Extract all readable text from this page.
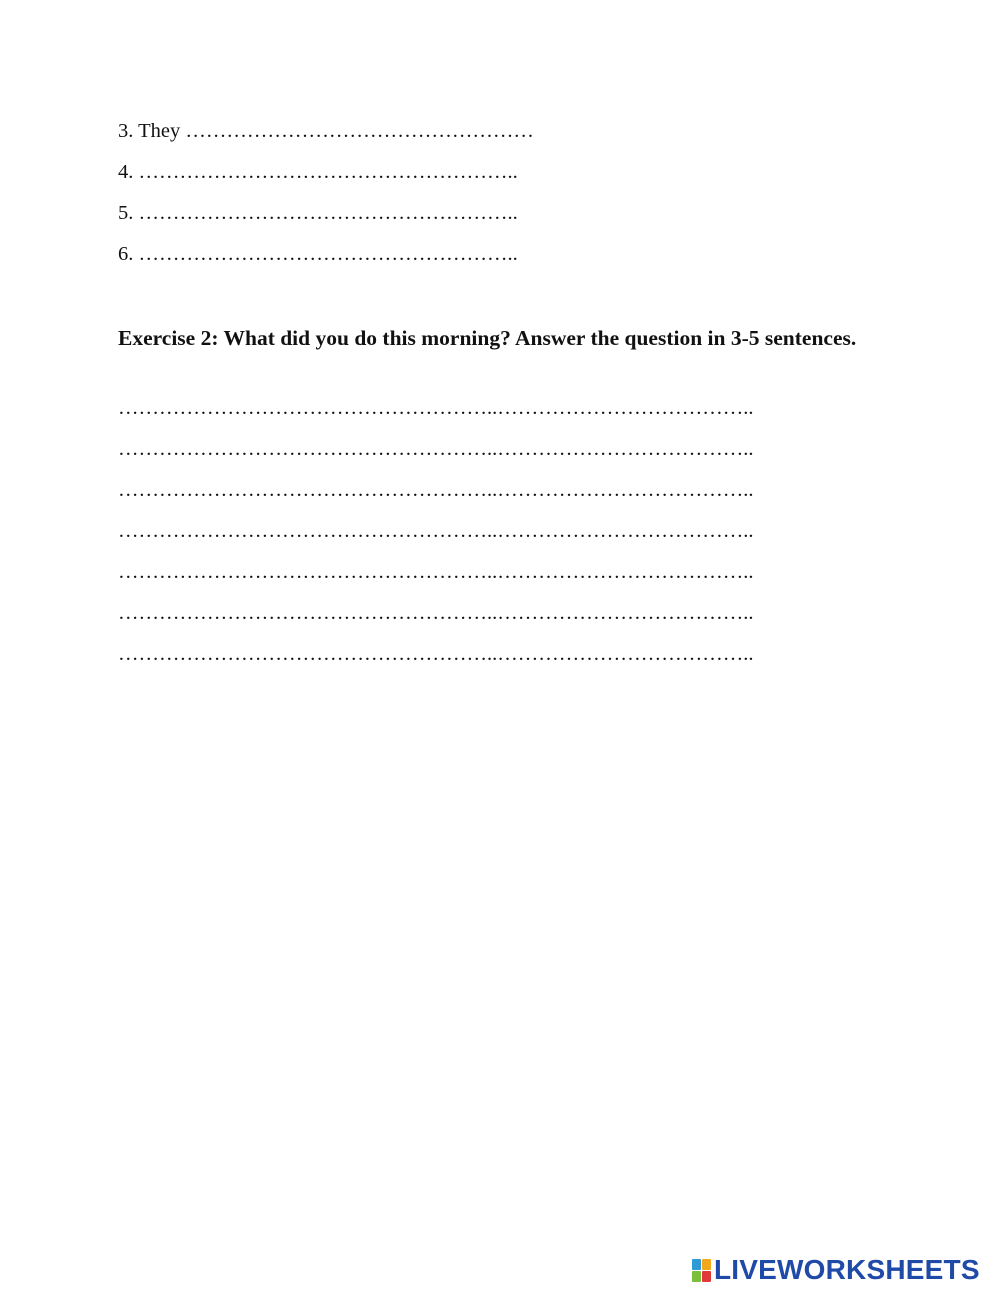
3. They ……………………………………………
4. ………………………………………………..
5. ………………………………………………..
6. ………………………………………………..
Exercise 2: What did you do this morning? Answer the question in 3-5 sentences.
………………………………………………..………………………………..
………………………………………………..………………………………..
………………………………………………..………………………………..
………………………………………………..………………………………..
………………………………………………..………………………………..
………………………………………………..………………………………..
………………………………………………..………………………………..
LIVEWORKSHEETS
